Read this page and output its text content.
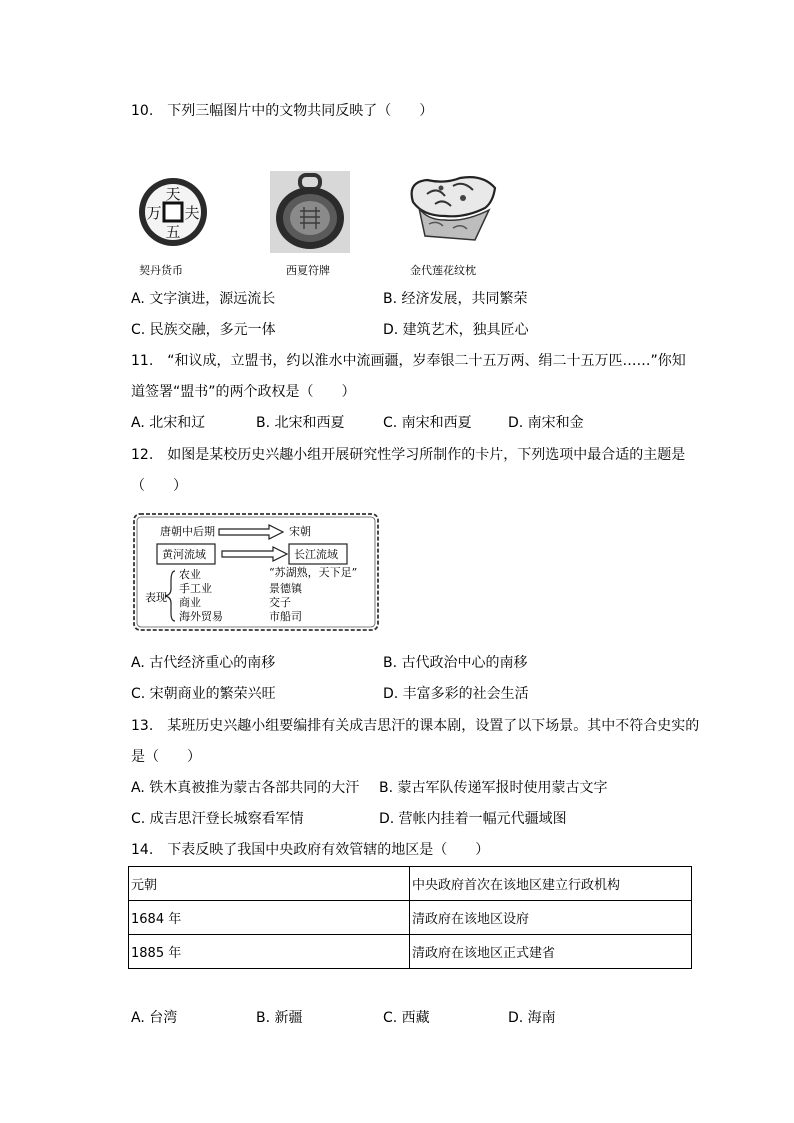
10.　下列三幅图片中的文物共同反映了（　　）
天
夫
五
万
契丹货币	西夏符牌	金代莲花纹枕
A. 文字演进，源远流长	B. 经济发展，共同繁荣
C. 民族交融，多元一体	D. 建筑艺术，独具匠心
11.　“和议成，立盟书，约以淮水中流画疆，岁奉银二十五万两、绢二十五万匹……”你知
道签署“盟书”的两个政权是（　　）
A. 北宋和辽	B. 北宋和西夏	C. 南宋和西夏	D. 南宋和金
12.　如图是某校历史兴趣小组开展研究性学习所制作的卡片，下列选项中最合适的主题是
（　　）
唐朝中后期	宋朝
黄河流域	长江流域
表现
农业
手工业
商业
海外贸易
“苏湖熟，天下足”
景德镇
交子
市船司
A. 古代经济重心的南移	B. 古代政治中心的南移
C. 宋朝商业的繁荣兴旺	D. 丰富多彩的社会生活
13.　某班历史兴趣小组要编排有关成吉思汗的课本剧，设置了以下场景。其中不符合史实的
是（　　）
A. 铁木真被推为蒙古各部共同的大汗 B. 蒙古军队传递军报时使用蒙古文字
C. 成吉思汗登长城察看军情	D. 营帐内挂着一幅元代疆域图
14.　下表反映了我国中央政府有效管辖的地区是（　　）
元朝	中央政府首次在该地区建立行政机构
1684 年	清政府在该地区设府
1885 年	清政府在该地区正式建省
A. 台湾	B. 新疆	C. 西藏	D. 海南
